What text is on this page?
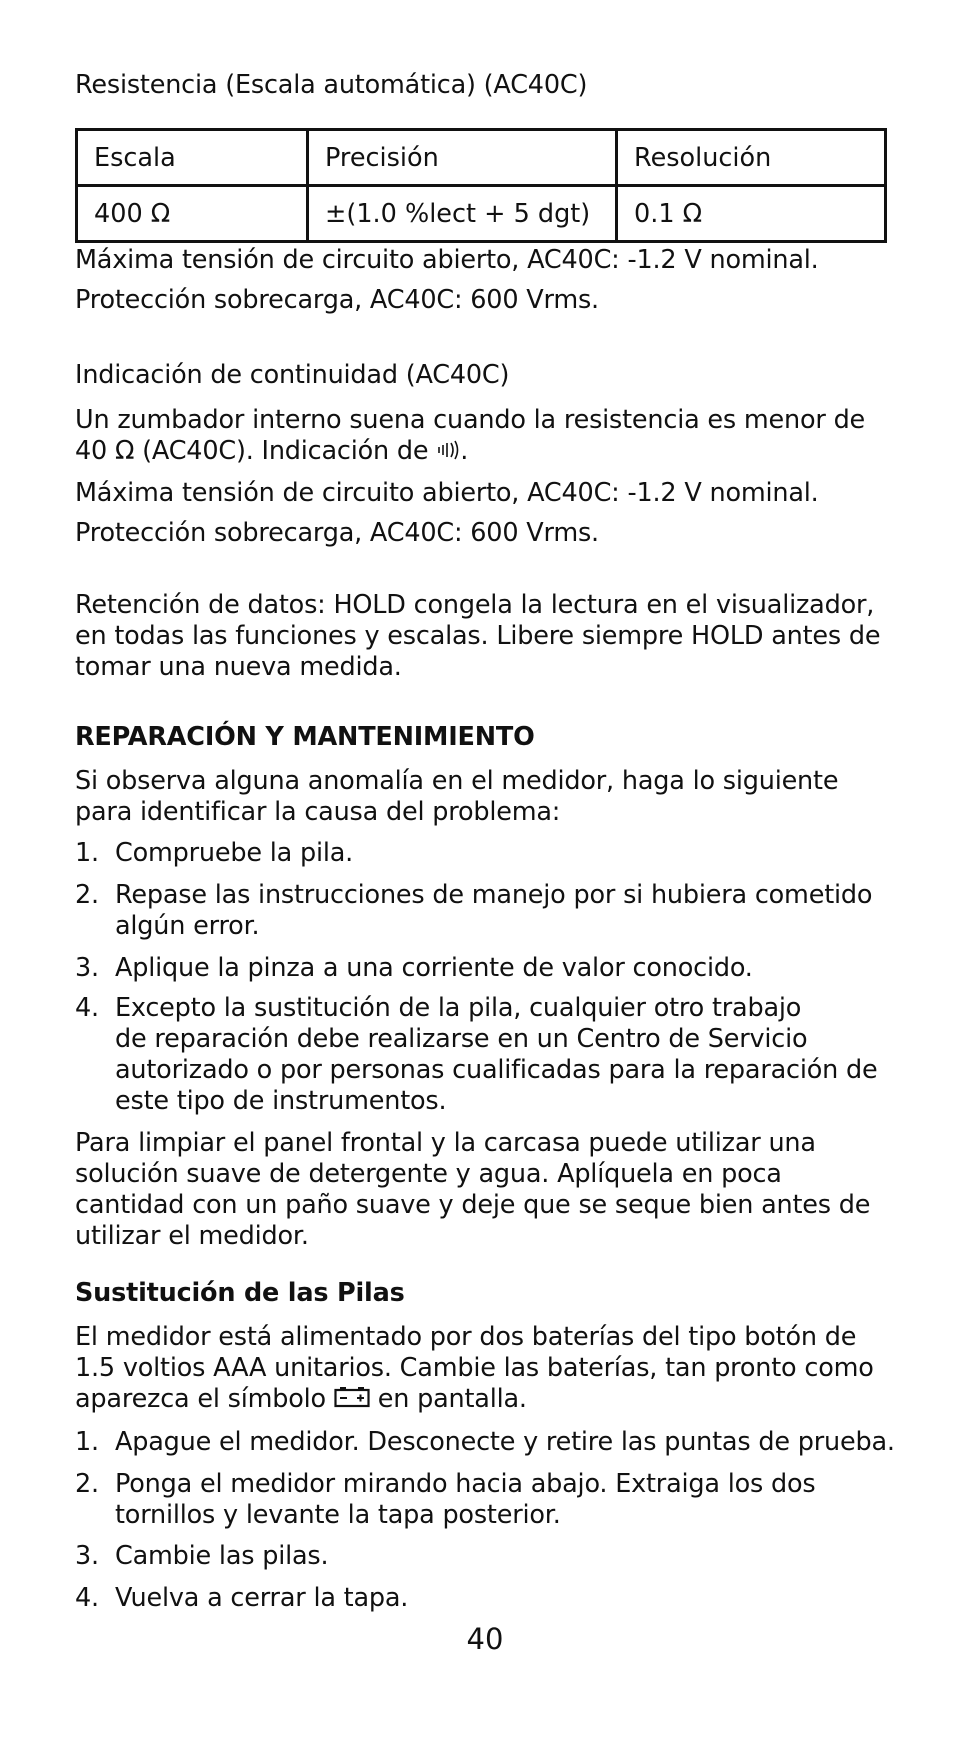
Resistencia (Escala automática) (AC40C)
Escala	Precisión	Resolución
400 Ω	±(1.0 %lect + 5 dgt)	0.1 Ω
Máxima tensión de circuito abierto, AC40C: -1.2 V nominal.
Protección sobrecarga, AC40C: 600 Vrms.
Indicación de continuidad (AC40C)
Un zumbador interno suena cuando la resistencia es menor de
40 Ω (AC40C). Indicación de .
Máxima tensión de circuito abierto, AC40C: -1.2 V nominal.
Protección sobrecarga, AC40C: 600 Vrms.
Retención de datos: HOLD congela la lectura en el visualizador,
en todas las funciones y escalas. Libere siempre HOLD antes de
tomar una nueva medida.
REPARACIÓN Y MANTENIMIENTO
Si observa alguna anomalía en el medidor, haga lo siguiente
para identificar la causa del problema:
1. Compruebe la pila.
2. Repase las instrucciones de manejo por si hubiera cometido
algún error.
3. Aplique la pinza a una corriente de valor conocido.
4. Excepto la sustitución de la pila, cualquier otro trabajo
de reparación debe realizarse en un Centro de Servicio
autorizado o por personas cualificadas para la reparación de
este tipo de instrumentos.
Para limpiar el panel frontal y la carcasa puede utilizar una
solución suave de detergente y agua. Aplíquela en poca
cantidad con un paño suave y deje que se seque bien antes de
utilizar el medidor.
Sustitución de las Pilas
El medidor está alimentado por dos baterías del tipo botón de
1.5 voltios AAA unitarios. Cambie las baterías, tan pronto como
aparezca el símbolo en pantalla.
1. Apague el medidor. Desconecte y retire las puntas de prueba.
2. Ponga el medidor mirando hacia abajo. Extraiga los dos
tornillos y levante la tapa posterior.
3. Cambie las pilas.
4. Vuelva a cerrar la tapa.
40
